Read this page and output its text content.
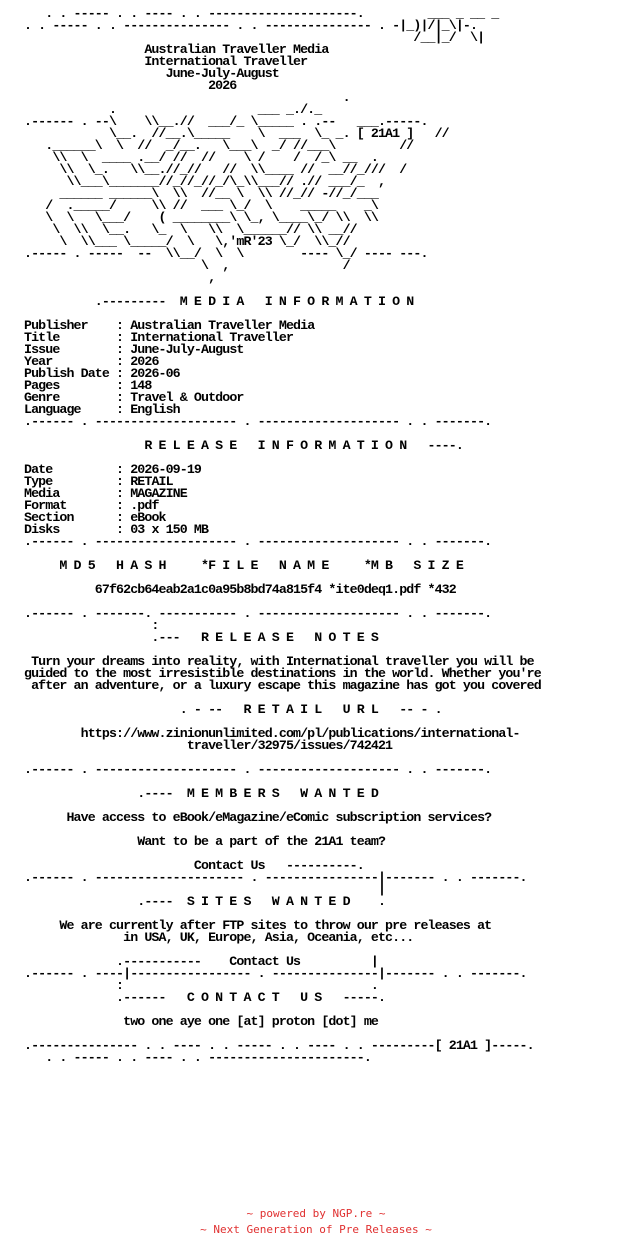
. . ----- . . ---- . . ---------------------.         ___ _ __ _
. . ----- . . --------------- . . --------------- . -|_)|/|_\|-.
/__|_/  \|
Australian Traveller Media
International Traveller
June-July-August
2026
.
.                    ___ _./._
.------ . --\    \\__.//  ___/_ \_____ . .--   ___.-----.
\__.  //__.\_____    \  ___  \_ _. [ 21A1 ]   //
.______\  \  //  _/__.   \___\  _/ //___\         //
\\  \  ____ .__/ //  //    \ /    /  /_\ __  .
\\  \_.   \\__.//_//   //  \\____ //  __//_///  /
\\___\_______//_//_//_/\_\\___// .// ___/_  ,
______ ______\  \\  //__ \  \\ //_// -//_/___
/  ._____/     \\ //  ___ \_/  \    _____    _\
\  \   \___/    ( ________\ \_, \____\_/ \\  \\
\  \\  \__.   \_  \   \\  \______// \\ __//
\  \\___ \_____/  \   \,'mR'23 \_/  \\_//
.----- . -----  --  \\__/  \  \        ---- \_/ ---- ---.
\  ,                /
,

.---------  M E D I A   I N F O R M A T I O N

Publisher    : Australian Traveller Media
Title        : International Traveller
Issue        : June-July-August
Year         : 2026
Publish Date : 2026-06
Pages        : 148
Genre        : Travel & Outdoor
Language     : English
.------ . -------------------- . -------------------- . . -------.

R E L E A S E   I N F O R M A T I O N   ----.

Date         : 2026-09-19
Type         : RETAIL
Media        : MAGAZINE
Format       : .pdf
Section      : eBook
Disks        : 03 x 150 MB
.------ . -------------------- . -------------------- . . -------.

M D 5   H A S H     *F I L E   N A M E     *M B   S I Z E

67f62cb64eab2a1c0a95b8bd74a815f4 *ite0deq1.pdf *432

.------ . -------. ----------- . -------------------- . . -------.
:
.---   R E L E A S E   N O T E S

Turn your dreams into reality, with International traveller you will be
guided to the most irresistible destinations in the world. Whether you're
after an adventure, or a luxury escape this magazine has got you covered

. - --   R E T A I L   U R L   -- - .

https://www.zinionunlimited.com/pl/publications/international-
traveller/32975/issues/742421

.------ . -------------------- . -------------------- . . -------.

.----  M E M B E R S   W A N T E D

Have access to eBook/eMagazine/eComic subscription services?

Want to be a part of the 21A1 team?

Contact Us   ----------.
.------ . --------------------- . ----------------|------- . . -------.
|
.----  S I T E S   W A N T E D    .

We are currently after FTP sites to throw our pre releases at
in USA, UK, Europe, Asia, Oceania, etc...

.-----------    Contact Us          |
.------ . ----|----------------- . ---------------|------- . . -------.
:                                   .
.------   C O N T A C T   U S   -----.

two one aye one [at] proton [dot] me

.--------------- . . ---- . . ----- . . ---- . . ---------[ 21A1 ]-----.
. . ----- . . ---- . . ----------------------.
~ powered by NGP.re ~
~ Next Generation of Pre Releases ~
